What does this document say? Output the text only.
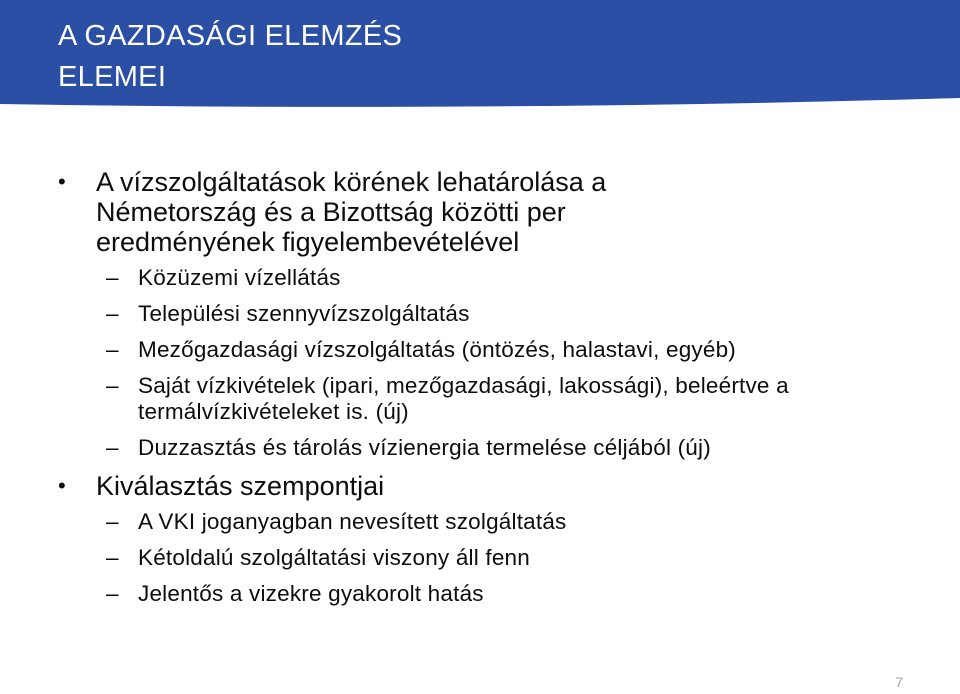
A GAZDASÁGI ELEMZÉS
ELEMEI
• A vízszolgáltatások körének lehatárolása a Németország és a Bizottság közötti per eredményének figyelembevételével
– Közüzemi vízellátás
– Települési szennyvízszolgáltatás
– Mezőgazdasági vízszolgáltatás (öntözés, halastavi, egyéb)
– Saját vízkivételek (ipari, mezőgazdasági, lakossági), beleértve a termálvízkivételeket is. (új)
– Duzzasztás és tárolás vízienergia termelése céljából (új)
• Kiválasztás szempontjai
– A VKI joganyagban nevesített szolgáltatás
– Kétoldalú szolgáltatási viszony áll fenn
– Jelentős a vizekre gyakorolt hatás
7
